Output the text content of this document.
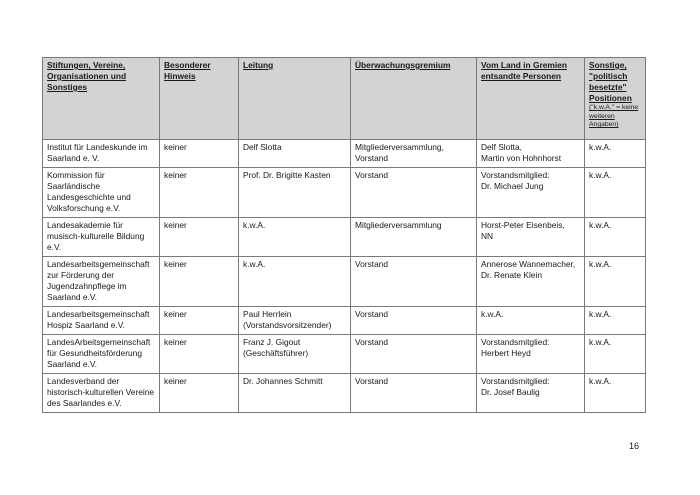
Stiftungen, Vereine, Organisationen und Sonstiges	Besonderer Hinweis	Leitung	Überwachungsgremium	Vom Land in Gremien entsandte Personen	Sonstige, "politisch besetzte" Positionen
("k.w.A." = keine weiteren Angaben)

Institut für Landeskunde im Saarland e. V.	keiner	Delf Slotta	Mitgliederversammlung,
Vorstand	Delf Slotta,
Martin von Hohnhorst	k.w.A.
Kommission für Saarländische Landesgeschichte und Volksforschung e.V.	keiner	Prof. Dr. Brigitte Kasten	Vorstand	Vorstandsmitglied:
Dr. Michael Jung	k.w.A.
Landesakademie für musisch-kulturelle Bildung e.V.	keiner	k.w.A.	Mitgliederversammlung	Horst-Peter Eisenbeis,
NN	k.w.A.
Landesarbeitsgemeinschaft zur Förderung der Jugendzahnpflege im Saarland e.V.	keiner	k.w.A.	Vorstand	Annerose Wannemacher,
Dr. Renate Klein	k.w.A.
Landesarbeitsgemeinschaft Hospiz Saarland e.V.	keiner	Paul Herrlein
(Vorstandsvorsitzender)	Vorstand	k.w.A.	k.w.A.
LandesArbeitsgemeinschaft für Gesundheitsförderung Saarland e.V.	keiner	Franz J. Gigout
(Geschäftsführer)	Vorstand	Vorstandsmitglied:
Herbert Heyd	k.w.A.
Landesverband der historisch-kulturellen Vereine des Saarlandes e.V.	keiner	Dr. Johannes Schmitt	Vorstand	Vorstandsmitglied:
Dr. Josef Baulig	k.w.A.
16
